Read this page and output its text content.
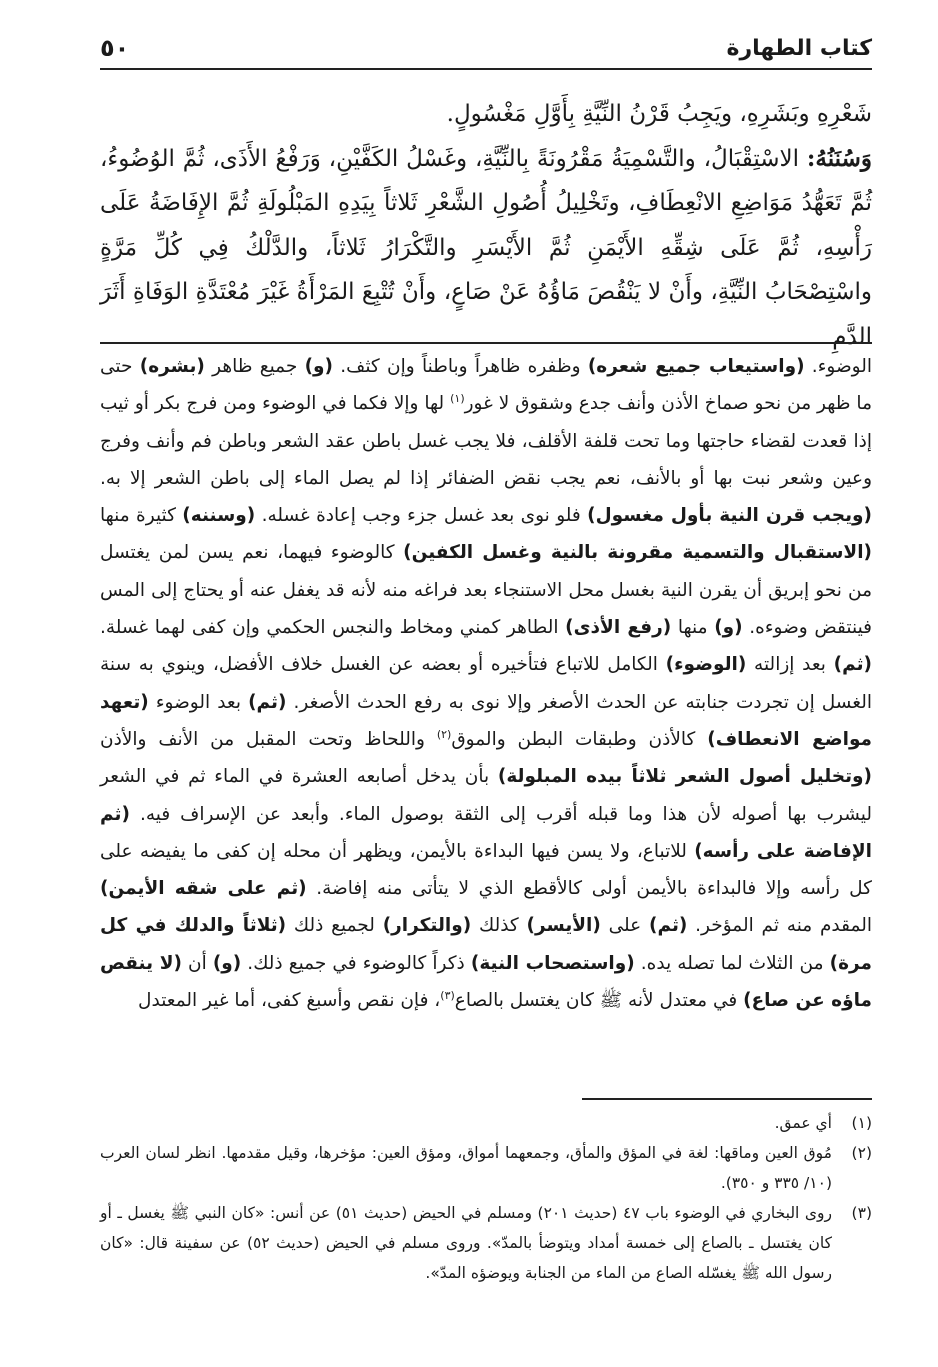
كتاب الطهارة
٥٠

شَعْرِهِ وبَشَرِهِ، ويَجِبُ قَرْنُ النِّيَّةِ بِأَوَّلِ مَغْسُولٍ.

وَسُنَنُهُ: الاسْتِقْبَالُ، والتَّسْمِيَةُ مَقْرُونَةً بِالنِّيَّةِ، وغَسْلُ الكَفَّيْنِ، وَرَفْعُ الأَذَى، ثُمَّ الوُضُوءُ، ثُمَّ تَعَهُّدُ مَوَاضِعِ الانْعِطَافِ، وتَخْلِيلُ أُصُولِ الشَّعْرِ ثَلاثاً بِيَدِهِ المَبْلُولَةِ ثُمَّ الإِفَاضَةُ عَلَى رَأْسِهِ، ثُمَّ عَلَى شِقِّهِ الأَيْمَنِ ثُمَّ الأَيْسَرِ والتَّكْرَارُ ثَلاثاً، والدَّلْكُ فِي كُلِّ مَرَّةٍ واسْتِصْحَابُ النِّيَّةِ، وأَنْ لا يَنْقُصَ مَاؤُهُ عَنْ صَاعٍ، وأَنْ تُتْبِعَ المَرْأَةُ غَيْرَ مُعْتَدَّةِ الوَفَاةِ أَثَرَ الدَّمِ

الوضوء. (واستيعاب جميع شعره) وظفره ظاهراً وباطناً وإن كثف. (و) جميع ظاهر (بشره) حتى ما ظهر من نحو صماخ الأذن وأنف جدع وشقوق لا غور$^{(١)}$ لها وإلا فكما في الوضوء ومن فرج بكر أو ثيب إذا قعدت لقضاء حاجتها وما تحت قلفة الأقلف، فلا يجب غسل باطن عقد الشعر وباطن فم وأنف وفرج وعين وشعر نبت بها أو بالأنف، نعم يجب نقض الضفائر إذا لم يصل الماء إلى باطن الشعر إلا به. (ويجب قرن النية بأول مغسول) فلو نوى بعد غسل جزء وجب إعادة غسله. (وسننه) كثيرة منها (الاستقبال والتسمية مقرونة بالنية وغسل الكفين) كالوضوء فيهما، نعم يسن لمن يغتسل من نحو إبريق أن يقرن النية بغسل محل الاستنجاء بعد فراغه منه لأنه قد يغفل عنه أو يحتاج إلى المس فينتقض وضوءه. (و) منها (رفع الأذى) الطاهر كمني ومخاط والنجس الحكمي وإن كفى لهما غسلة. (ثم) بعد إزالته (الوضوء) الكامل للاتباع فتأخيره أو بعضه عن الغسل خلاف الأفضل، وينوي به سنة الغسل إن تجردت جنابته عن الحدث الأصغر وإلا نوى به رفع الحدث الأصغر. (ثم) بعد الوضوء (تعهد مواضع الانعطاف) كالأذن وطبقات البطن والموق$^{(٢)}$ واللحاظ وتحت المقبل من الأنف والأذن (وتخليل أصول الشعر ثلاثاً بيده المبلولة) بأن يدخل أصابعه العشرة في الماء ثم في الشعر ليشرب بها أصوله لأن هذا وما قبله أقرب إلى الثقة بوصول الماء. وأبعد عن الإسراف فيه. (ثم الإفاضة على رأسه) للاتباع، ولا يسن فيها البداءة بالأيمن، ويظهر أن محله إن كفى ما يفيضه على كل رأسه وإلا فالبداءة بالأيمن أولى كالأقطع الذي لا يتأتى منه إفاضة. (ثم على شقه الأيمن) المقدم منه ثم المؤخر. (ثم) على (الأيسر) كذلك (والتكرار) لجميع ذلك (ثلاثاً والدلك في كل مرة) من الثلاث لما تصله يده. (واستصحاب النية) ذكراً كالوضوء في جميع ذلك. (و) أن (لا ينقص ماؤه عن صاع) في معتدل لأنه ﷺ كان يغتسل بالصاع$^{(٣)}$، فإن نقص وأسبغ كفى، أما غير المعتدل

(١)
أي عمق.
(٢)
مُوق العين وماقها: لغة في المؤق والمأق، وجمعهما أمواق، ومؤق العين: مؤخرها، وقيل مقدمها. انظر لسان العرب (١٠/ ٣٣٥ و ٣٥٠).
(٣)
روى البخاري في الوضوء باب ٤٧ (حديث ٢٠١) ومسلم في الحيض (حديث ٥١) عن أنس: «كان النبي ﷺ يغسل ـ أو كان يغتسل ـ بالصاع إلى خمسة أمداد ويتوضأ بالمدّ». وروى مسلم في الحيض (حديث ٥٢) عن سفينة قال: «كان رسول الله ﷺ يغسّله الصاع من الماء من الجنابة ويوضؤه المدّ».
